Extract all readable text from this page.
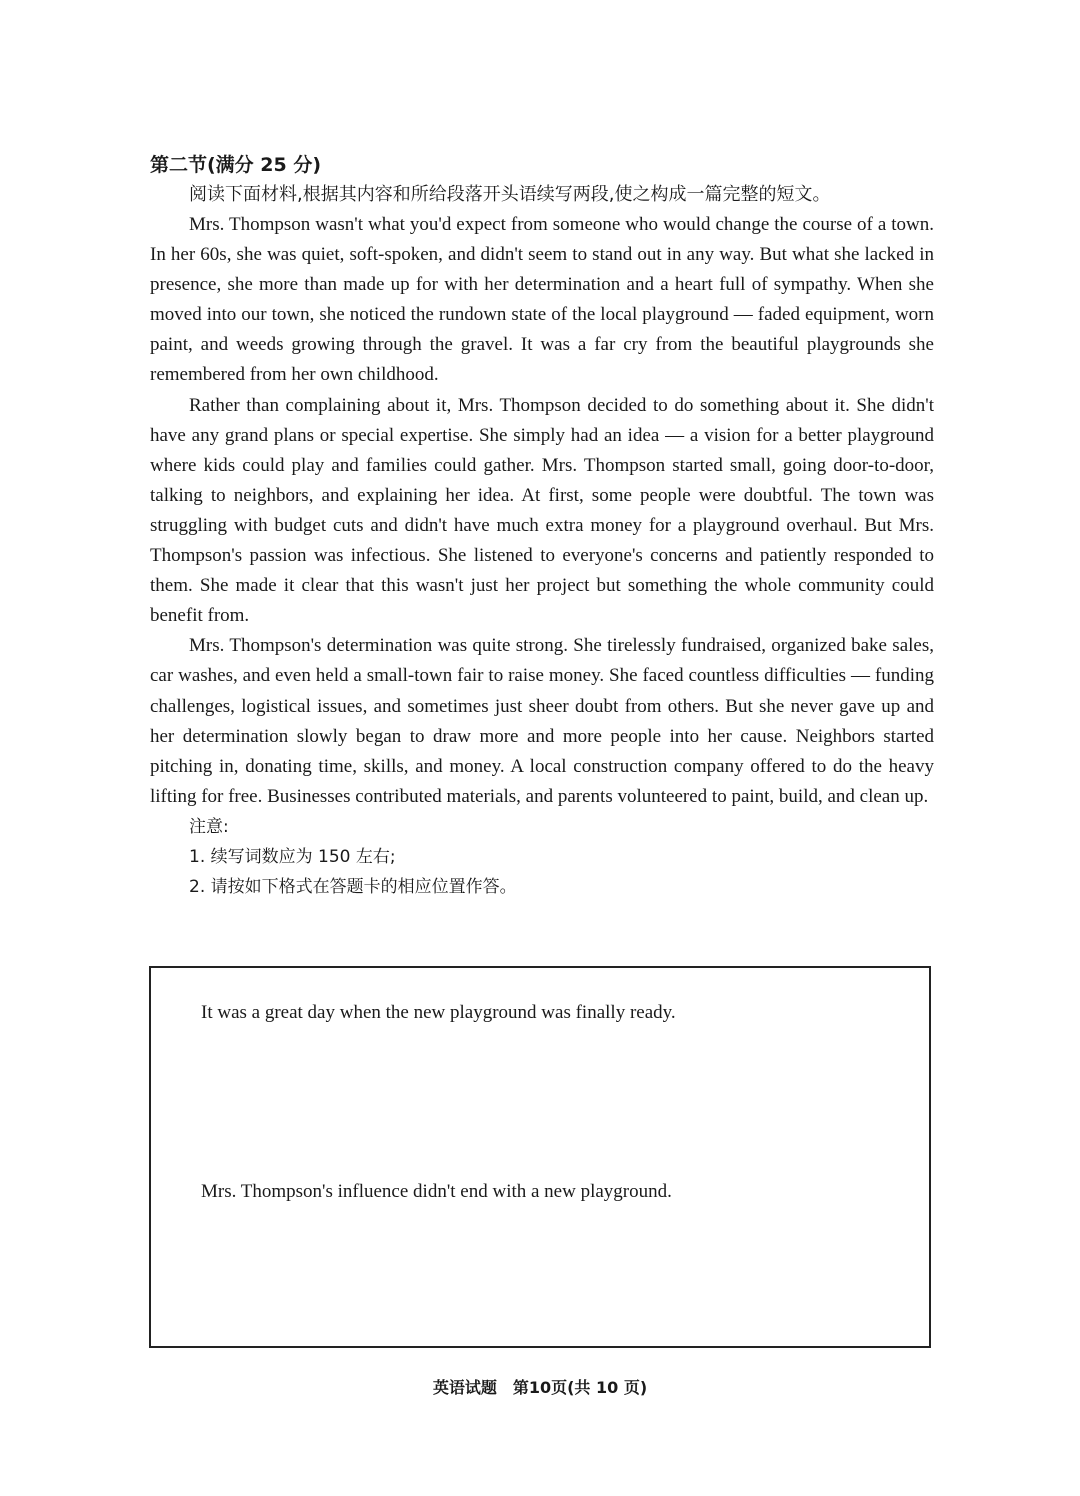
第二节(满分 25 分)

阅读下面材料,根据其内容和所给段落开头语续写两段,使之构成一篇完整的短文。

Mrs. Thompson wasn't what you'd expect from someone who would change the course of a town. In her 60s, she was quiet, soft-spoken, and didn't seem to stand out in any way. But what she lacked in presence, she more than made up for with her determination and a heart full of sympathy. When she moved into our town, she noticed the rundown state of the local playground — faded equipment, worn paint, and weeds growing through the gravel. It was a far cry from the beautiful playgrounds she remembered from her own childhood.

Rather than complaining about it, Mrs. Thompson decided to do something about it. She didn't have any grand plans or special expertise. She simply had an idea — a vision for a better playground where kids could play and families could gather. Mrs. Thompson started small, going door-to-door, talking to neighbors, and explaining her idea. At first, some people were doubtful. The town was struggling with budget cuts and didn't have much extra money for a playground overhaul. But Mrs. Thompson's passion was infectious. She listened to everyone's concerns and patiently responded to them. She made it clear that this wasn't just her project but something the whole community could benefit from.

Mrs. Thompson's determination was quite strong. She tirelessly fundraised, organized bake sales, car washes, and even held a small-town fair to raise money. She faced countless difficulties — funding challenges, logistical issues, and sometimes just sheer doubt from others. But she never gave up and her determination slowly began to draw more and more people into her cause. Neighbors started pitching in, donating time, skills, and money. A local construction company offered to do the heavy lifting for free. Businesses contributed materials, and parents volunteered to paint, build, and clean up.

注意:

1. 续写词数应为 150 左右;

2. 请按如下格式在答题卡的相应位置作答。

It was a great day when the new playground was finally ready.

Mrs. Thompson's influence didn't end with a new playground.

英语试题　第10页(共 10 页)
